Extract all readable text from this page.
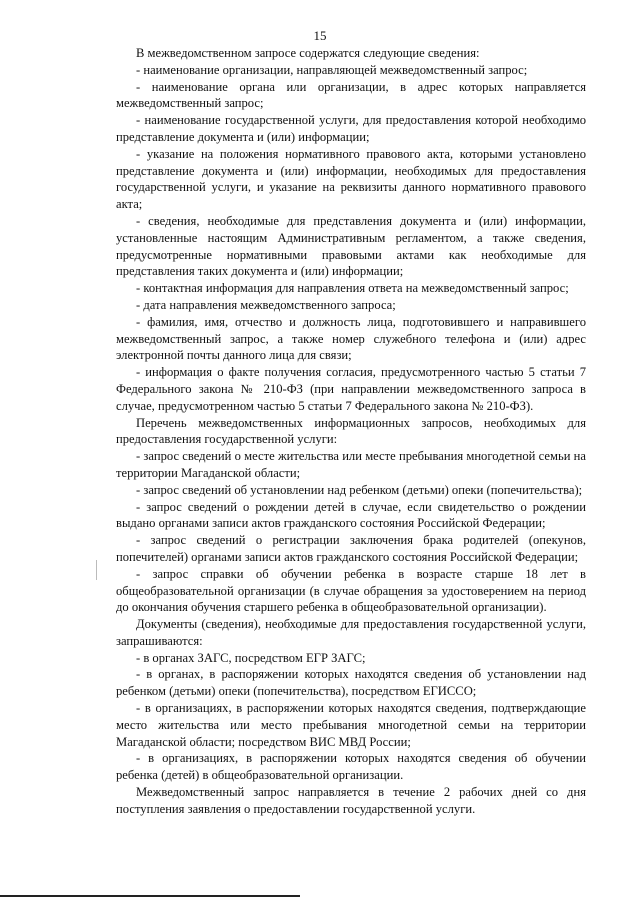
15

В межведомственном запросе содержатся следующие сведения:

- наименование организации, направляющей межведомственный запрос;

- наименование органа или организации, в адрес которых направляется межведомственный запрос;

- наименование государственной услуги, для предоставления которой необходимо представление документа и (или) информации;

- указание на положения нормативного правового акта, которыми установлено представление документа и (или) информации, необходимых для предоставления государственной услуги, и указание на реквизиты данного нормативного правового акта;

- сведения, необходимые для представления документа и (или) информации, установленные настоящим Административным регламентом, а также сведения, предусмотренные нормативными правовыми актами как необходимые для представления таких документа и (или) информации;

- контактная информация для направления ответа на межведомственный запрос;

- дата направления межведомственного запроса;

- фамилия, имя, отчество и должность лица, подготовившего и направившего межведомственный запрос, а также номер служебного телефона и (или) адрес электронной почты данного лица для связи;

- информация о факте получения согласия, предусмотренного частью 5 статьи 7 Федерального закона № 210-ФЗ (при направлении межведомственного запроса в случае, предусмотренном частью 5 статьи 7 Федерального закона № 210-ФЗ).

Перечень межведомственных информационных запросов, необходимых для предоставления государственной услуги:

- запрос сведений о месте жительства или месте пребывания многодетной семьи на территории Магаданской области;

- запрос сведений об установлении над ребенком (детьми) опеки (попечительства);

- запрос сведений о рождении детей в случае, если свидетельство о рождении выдано органами записи актов гражданского состояния Российской Федерации;

- запрос сведений о регистрации заключения брака родителей (опекунов, попечителей) органами записи актов гражданского состояния Российской Федерации;

- запрос справки об обучении ребенка в возрасте старше 18 лет в общеобразовательной организации (в случае обращения за удостоверением на период до окончания обучения старшего ребенка в общеобразовательной организации).

Документы (сведения), необходимые для предоставления государственной услуги, запрашиваются:

- в органах ЗАГС, посредством ЕГР ЗАГС;

- в органах, в распоряжении которых находятся сведения об установлении над ребенком (детьми) опеки (попечительства), посредством ЕГИССО;

- в организациях, в распоряжении которых находятся сведения, подтверждающие место жительства или место пребывания многодетной семьи на территории Магаданской области; посредством ВИС МВД России;

- в организациях, в распоряжении которых находятся сведения об обучении ребенка (детей) в общеобразовательной организации.

Межведомственный запрос направляется в течение 2 рабочих дней со дня поступления заявления о предоставлении государственной услуги.
